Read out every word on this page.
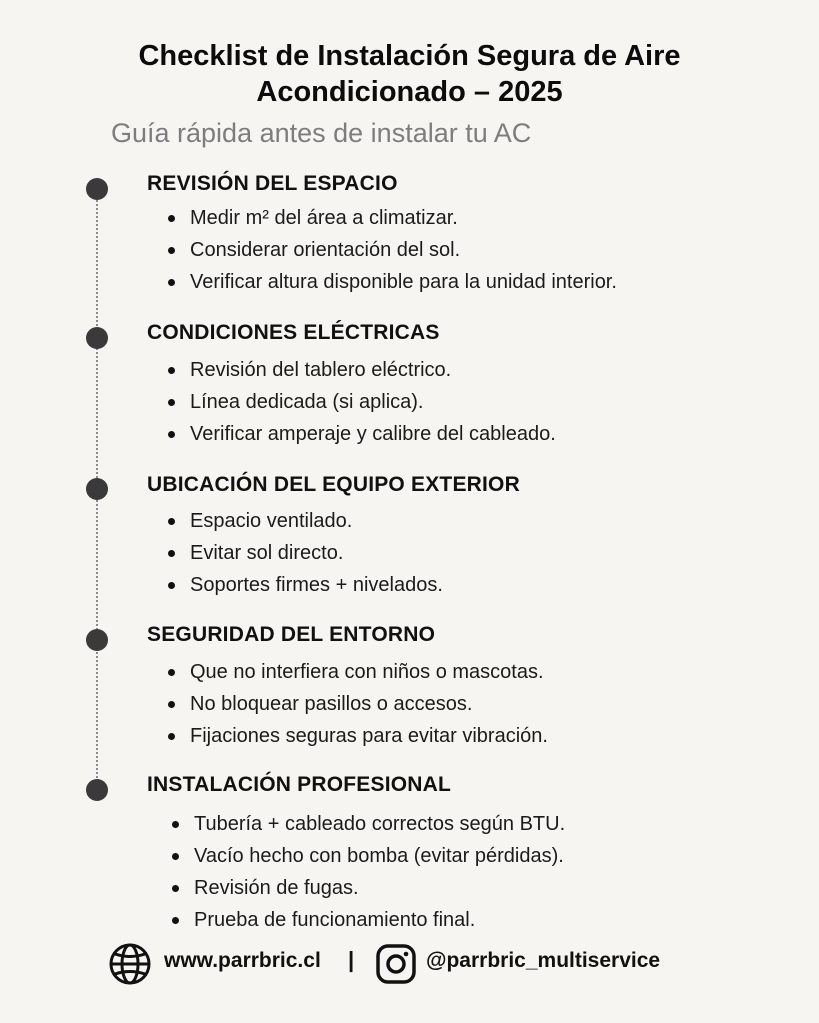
Checklist de Instalación Segura de Aire
Acondicionado – 2025
Guía rápida antes de instalar tu AC
REVISIÓN DEL ESPACIO
Medir m² del área a climatizar.
Considerar orientación del sol.
Verificar altura disponible para la unidad interior.
CONDICIONES ELÉCTRICAS
Revisión del tablero eléctrico.
Línea dedicada (si aplica).
Verificar amperaje y calibre del cableado.
UBICACIÓN DEL EQUIPO EXTERIOR
Espacio ventilado.
Evitar sol directo.
Soportes firmes + nivelados.
SEGURIDAD DEL ENTORNO
Que no interfiera con niños o mascotas.
No bloquear pasillos o accesos.
Fijaciones seguras para evitar vibración.
INSTALACIÓN PROFESIONAL
Tubería + cableado correctos según BTU.
Vacío hecho con bomba (evitar pérdidas).
Revisión de fugas.
Prueba de funcionamiento final.
www.parrbric.cl |	@parrbric_multiservice
